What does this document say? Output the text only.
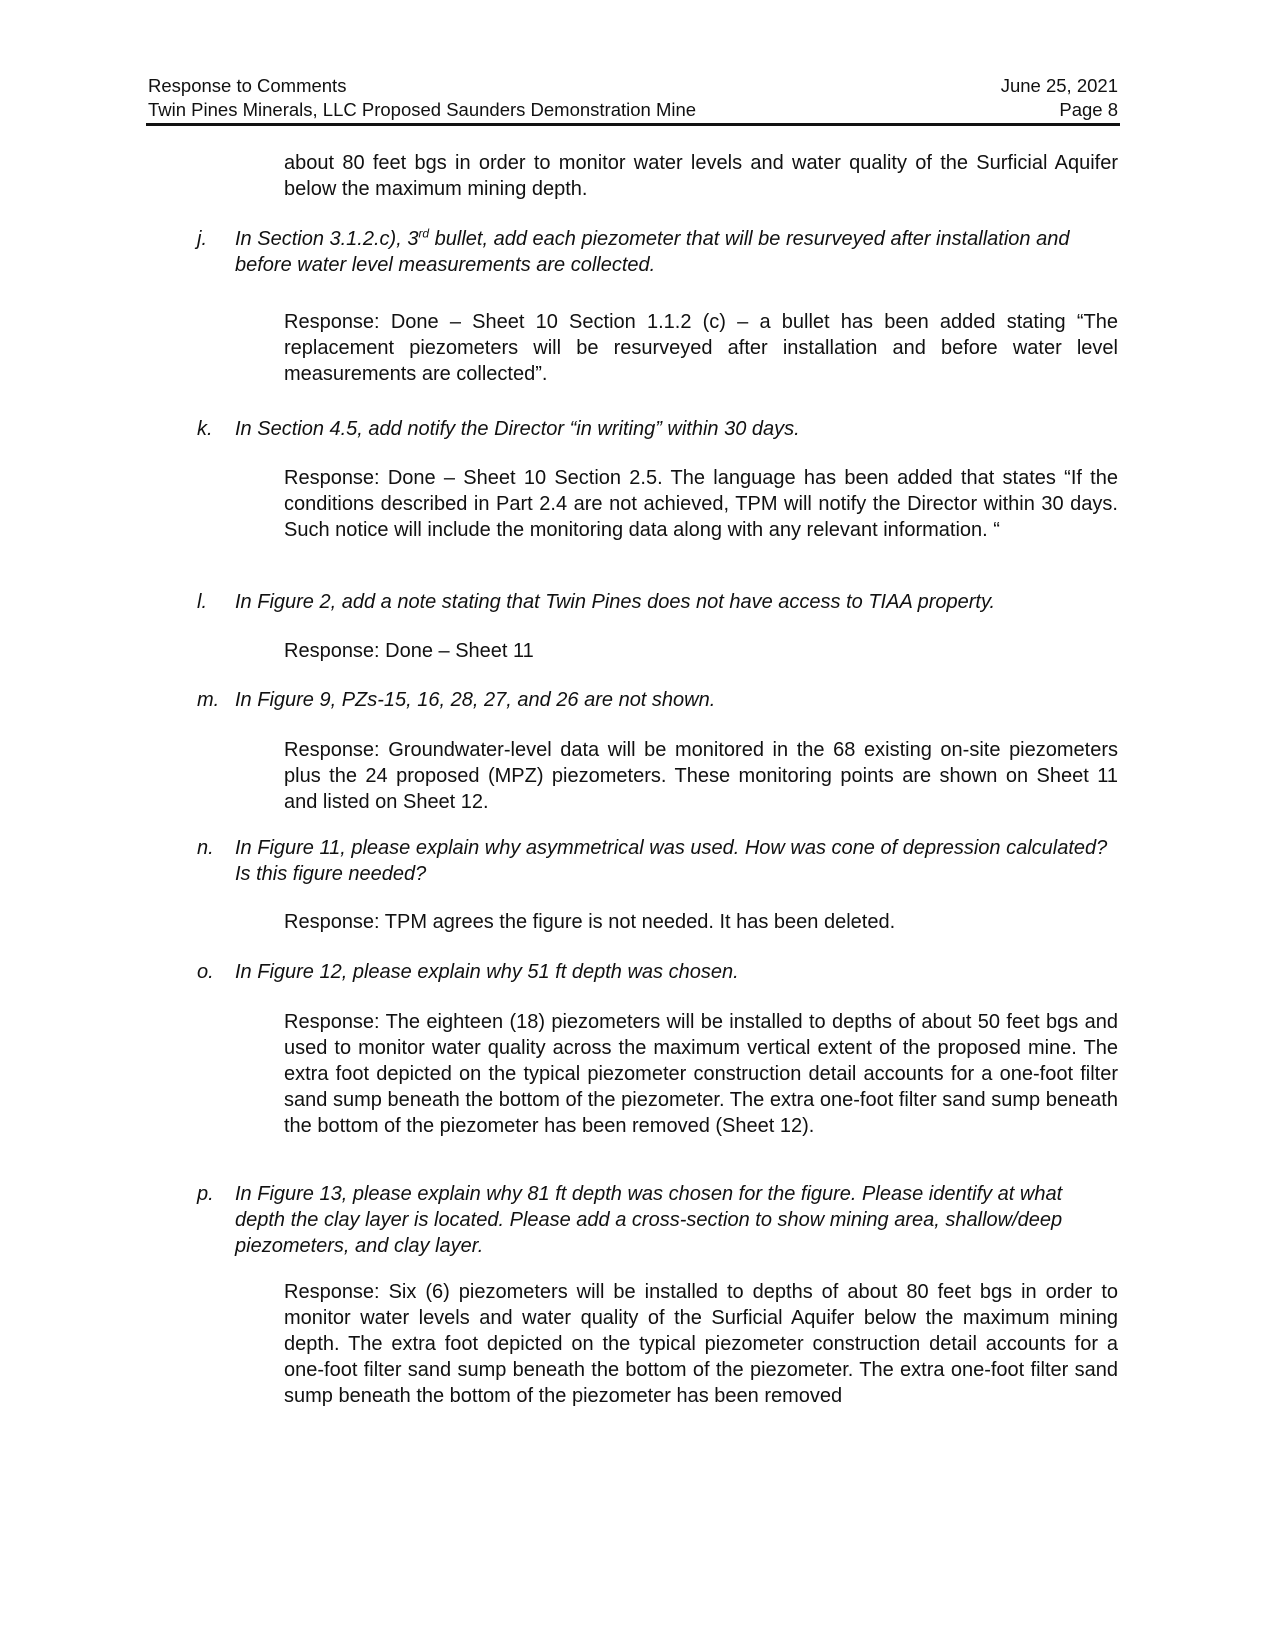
Response to Comments	June 25, 2021
Twin Pines Minerals, LLC Proposed Saunders Demonstration Mine	Page 8
about 80 feet bgs in order to monitor water levels and water quality of the Surficial Aquifer below the maximum mining depth.
j. In Section 3.1.2.c), 3rd bullet, add each piezometer that will be resurveyed after installation and before water level measurements are collected.
Response: Done – Sheet 10 Section 1.1.2 (c) – a bullet has been added stating “The replacement piezometers will be resurveyed after installation and before water level measurements are collected”.
k. In Section 4.5, add notify the Director “in writing” within 30 days.
Response: Done – Sheet 10 Section 2.5. The language has been added that states “If the conditions described in Part 2.4 are not achieved, TPM will notify the Director within 30 days. Such notice will include the monitoring data along with any relevant information. “
l. In Figure 2, add a note stating that Twin Pines does not have access to TIAA property.
Response: Done – Sheet 11
m. In Figure 9, PZs-15, 16, 28, 27, and 26 are not shown.
Response: Groundwater-level data will be monitored in the 68 existing on-site piezometers plus the 24 proposed (MPZ) piezometers. These monitoring points are shown on Sheet 11 and listed on Sheet 12.
n. In Figure 11, please explain why asymmetrical was used. How was cone of depression calculated? Is this figure needed?
Response: TPM agrees the figure is not needed. It has been deleted.
o. In Figure 12, please explain why 51 ft depth was chosen.
Response: The eighteen (18) piezometers will be installed to depths of about 50 feet bgs and used to monitor water quality across the maximum vertical extent of the proposed mine. The extra foot depicted on the typical piezometer construction detail accounts for a one-foot filter sand sump beneath the bottom of the piezometer. The extra one-foot filter sand sump beneath the bottom of the piezometer has been removed (Sheet 12).
p. In Figure 13, please explain why 81 ft depth was chosen for the figure. Please identify at what depth the clay layer is located. Please add a cross-section to show mining area, shallow/deep piezometers, and clay layer.
Response: Six (6) piezometers will be installed to depths of about 80 feet bgs in order to monitor water levels and water quality of the Surficial Aquifer below the maximum mining depth. The extra foot depicted on the typical piezometer construction detail accounts for a one-foot filter sand sump beneath the bottom of the piezometer. The extra one-foot filter sand sump beneath the bottom of the piezometer has been removed
